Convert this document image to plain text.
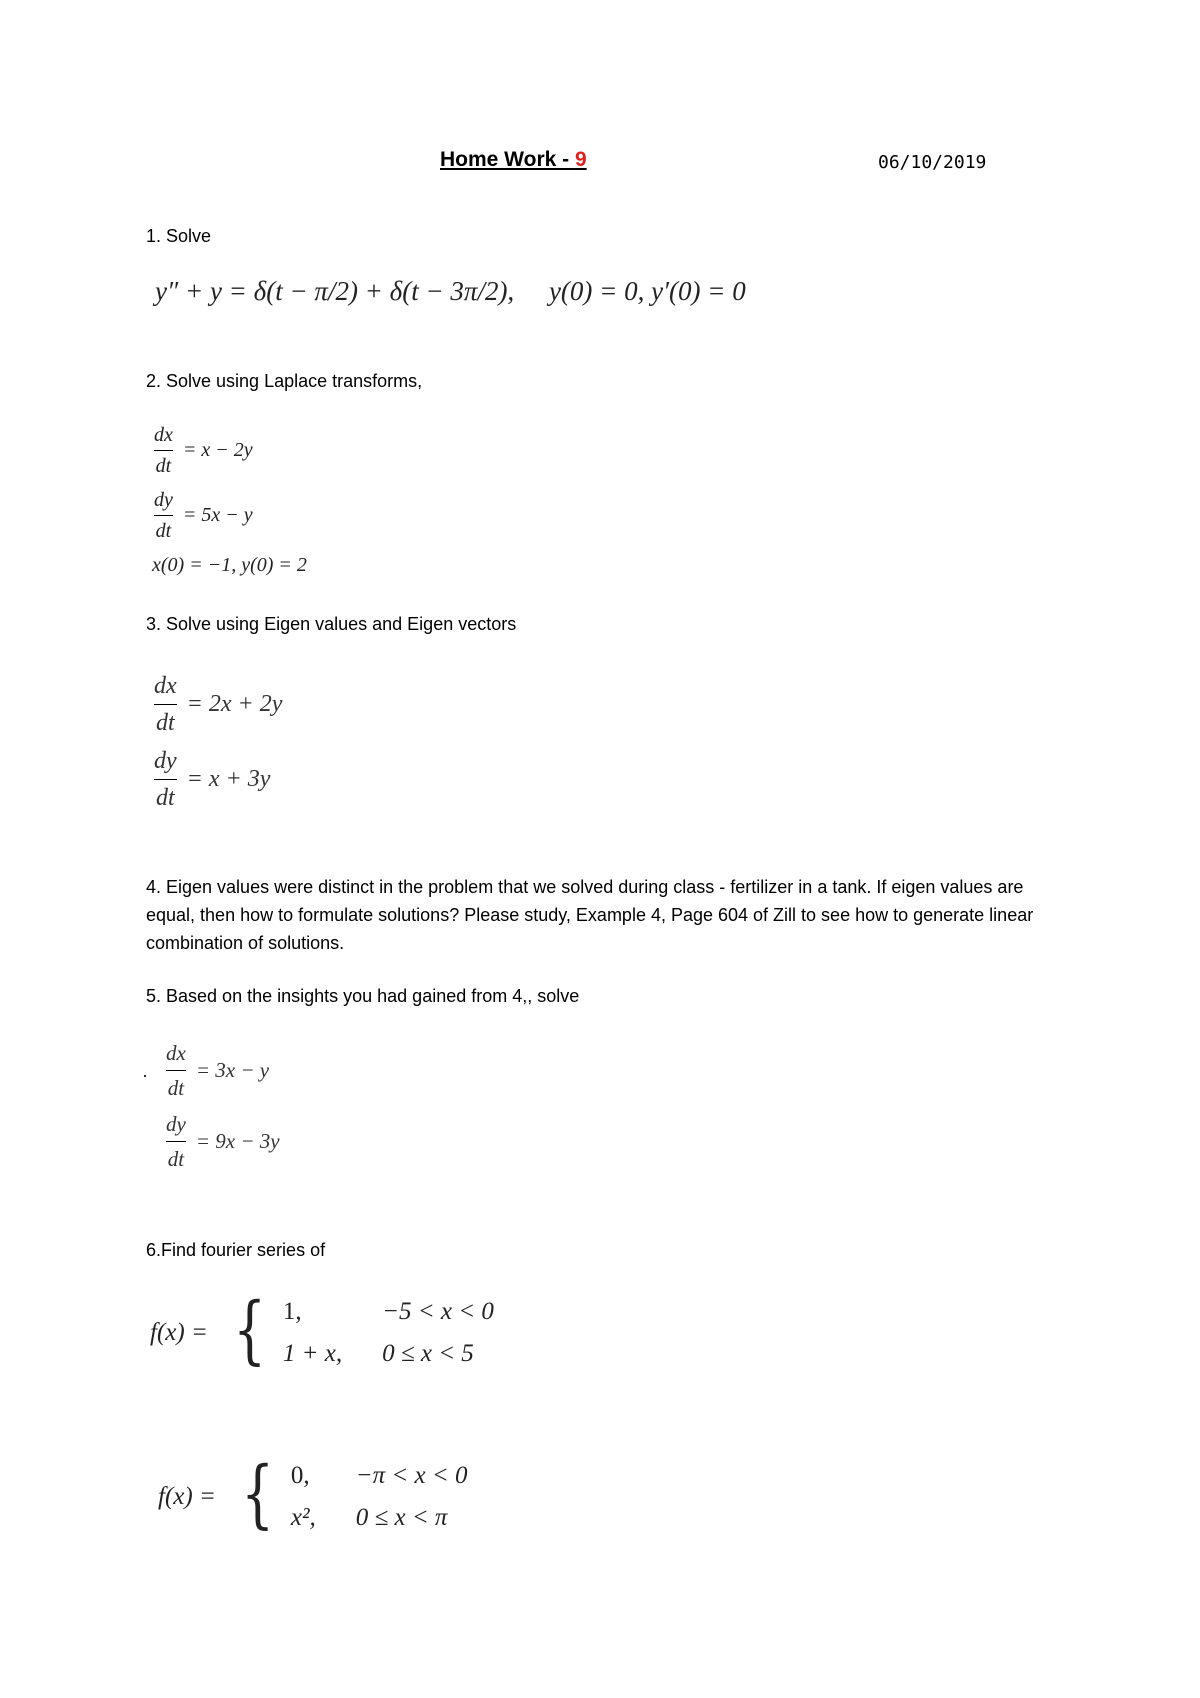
Home Work - 9	06/10/2019
1. Solve
y″ + y = δ(t − π/2) + δ(t − 3π/2), y(0) = 0, y′(0) = 0
2. Solve using Laplace transforms,
$\frac{dx}{dt} = x - 2y$
$\frac{dy}{dt} = 5x - y$
x(0) = −1, y(0) = 2
3. Solve using Eigen values and Eigen vectors
$\frac{dx}{dt} = 2x + 2y$
$\frac{dy}{dt} = x + 3y$
4. Eigen values were distinct in the problem that we solved during class - fertilizer in a tank. If eigen values are equal, then how to formulate solutions? Please study, Example 4, Page 604 of Zill to see how to generate linear combination of solutions.
5. Based on the insights you had gained from 4,, solve
· $\frac{dx}{dt} = 3x - y$
$\frac{dy}{dt} = 9x - 3y$
6.Find fourier series of
f(x) = { 1,	−5 < x < 0
1 + x, 0 ≤ x < 5
f(x) = { 0, −π < x < 0
x², 0 ≤ x < π
